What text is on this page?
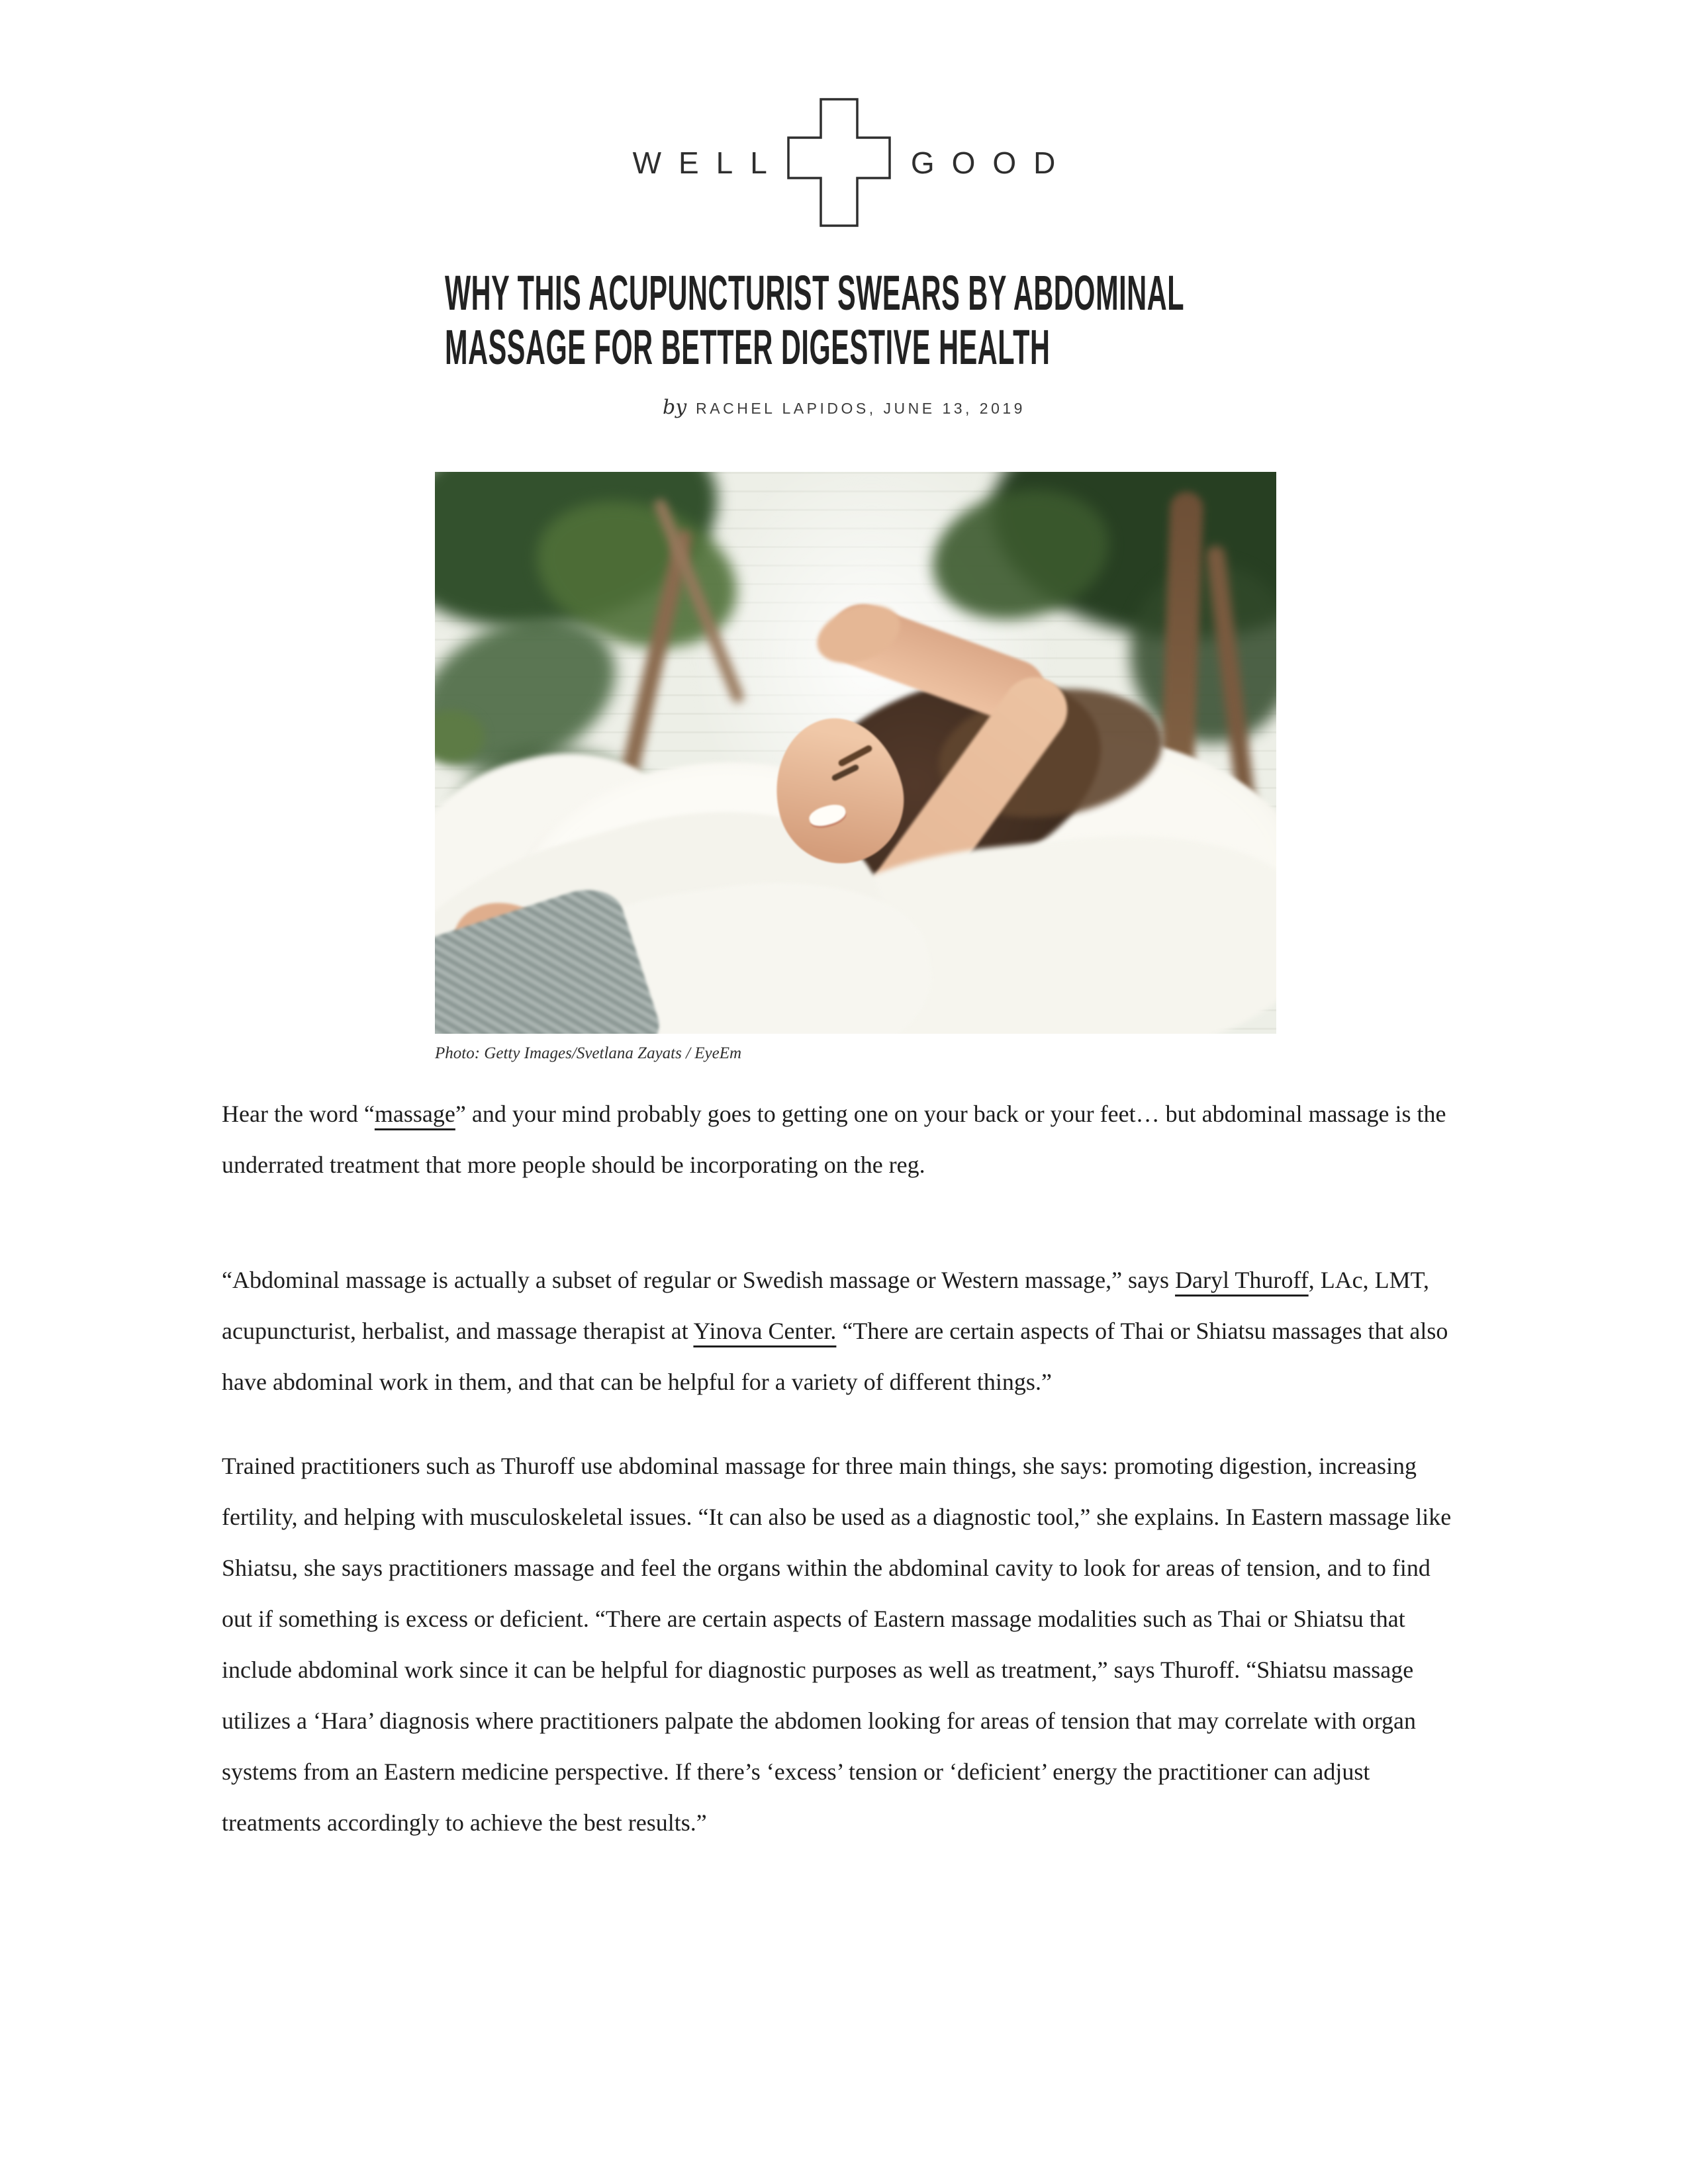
WELL	GOOD
WHY THIS ACUPUNCTURIST SWEARS BY ABDOMINAL
MASSAGE FOR BETTER DIGESTIVE HEALTH
by RACHEL LAPIDOS, JUNE 13, 2019
Photo: Getty Images/Svetlana Zayats / EyeEm

Hear the word “massage” and your mind probably goes to getting one on your back or your feet… but abdominal massage is the underrated treatment that more people should be incorporating on the reg.

“Abdominal massage is actually a subset of regular or Swedish massage or Western massage,” says Daryl Thuroff, LAc, LMT, acupuncturist, herbalist, and massage therapist at Yinova Center. “There are certain aspects of Thai or Shiatsu massages that also have abdominal work in them, and that can be helpful for a variety of different things.”

Trained practitioners such as Thuroff use abdominal massage for three main things, she says: promoting digestion, increasing fertility, and helping with musculoskeletal issues. “It can also be used as a diagnostic tool,” she explains. In Eastern massage like Shiatsu, she says practitioners massage and feel the organs within the abdominal cavity to look for areas of tension, and to find out if something is excess or deficient. “There are certain aspects of Eastern massage modalities such as Thai or Shiatsu that include abdominal work since it can be helpful for diagnostic purposes as well as treatment,” says Thuroff. “Shiatsu massage utilizes a ‘Hara’ diagnosis where practitioners palpate the abdomen looking for areas of tension that may correlate with organ systems from an Eastern medicine perspective. If there’s ‘excess’ tension or ‘deficient’ energy the practitioner can adjust treatments accordingly to achieve the best results.”
